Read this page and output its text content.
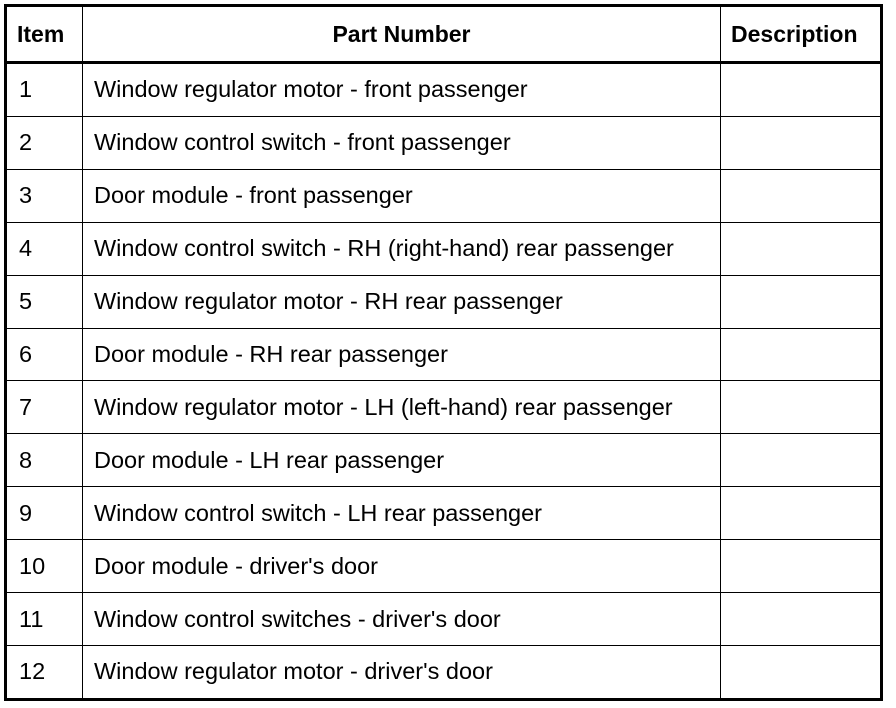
Item	Part Number	Description
1	Window regulator motor - front passenger	
2	Window control switch - front passenger	
3	Door module - front passenger	
4	Window control switch - RH (right-hand) rear passenger	
5	Window regulator motor - RH rear passenger	
6	Door module - RH rear passenger	
7	Window regulator motor - LH (left-hand) rear passenger	
8	Door module - LH rear passenger	
9	Window control switch - LH rear passenger	
10	Door module - driver's door	
11	Window control switches - driver's door	
12	Window regulator motor - driver's door	
